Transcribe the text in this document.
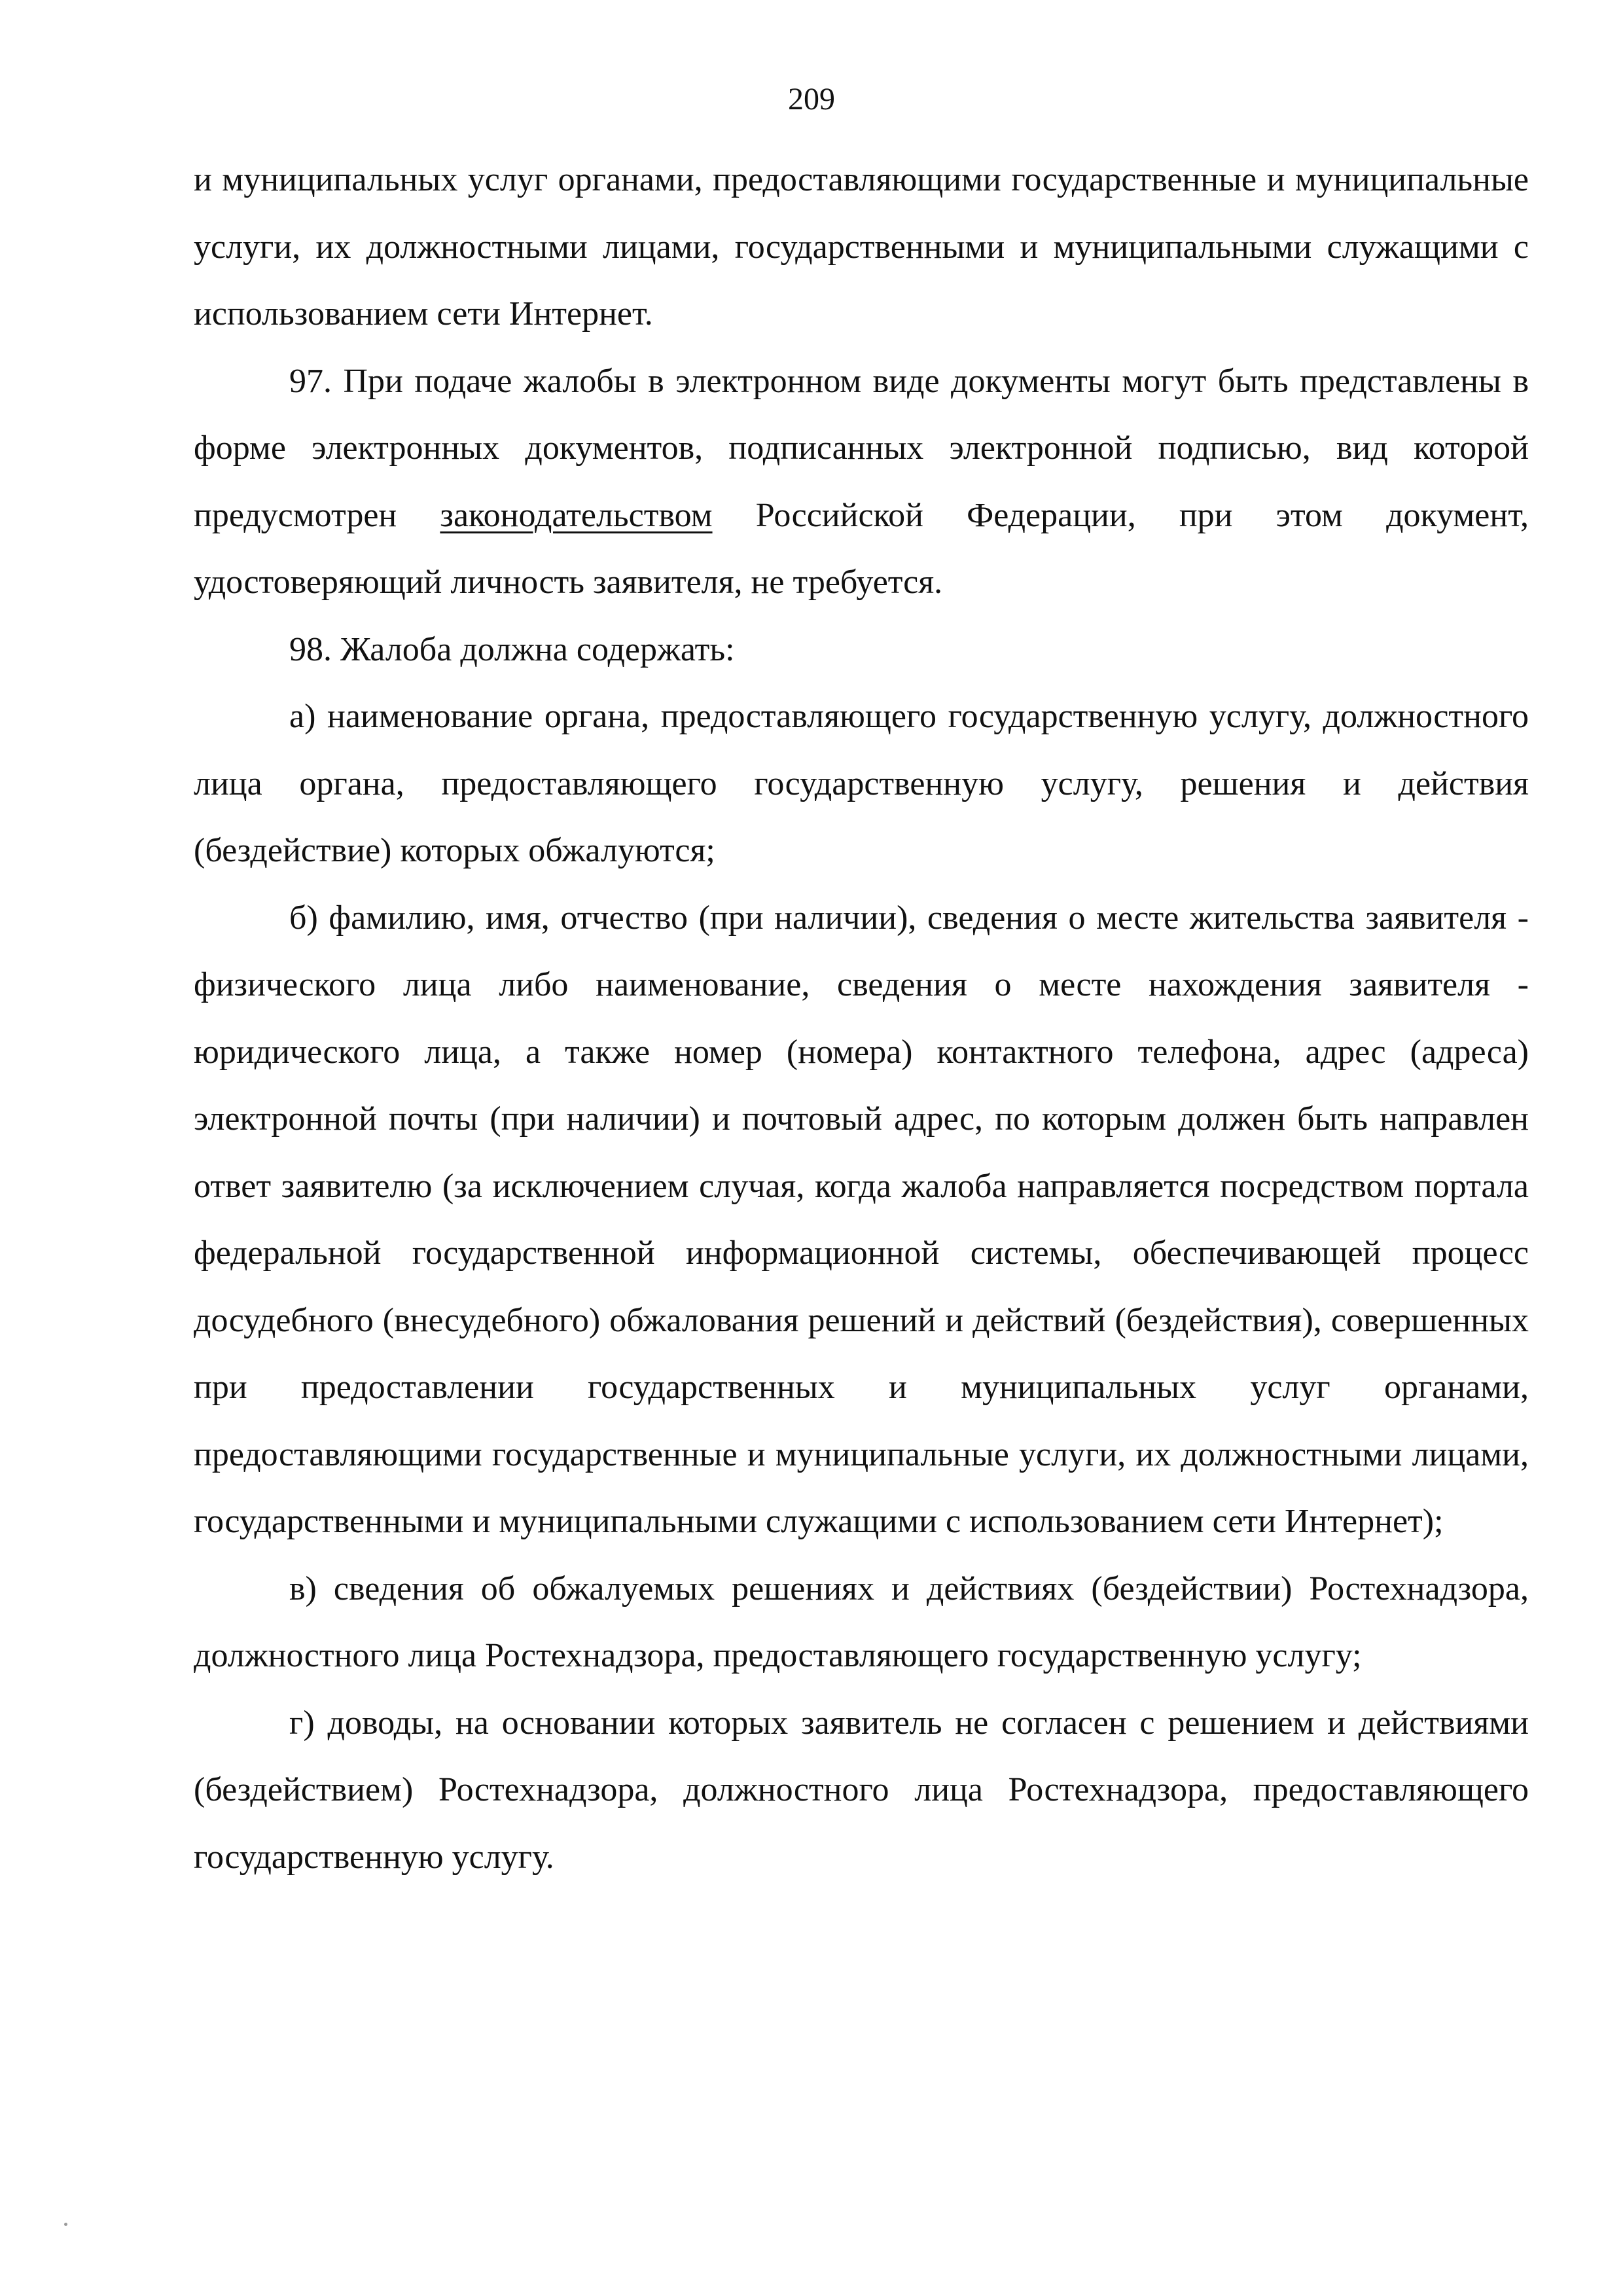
209

и муниципальных услуг органами, предоставляющими государственные и муниципальные услуги, их должностными лицами, государственными и муниципальными служащими с использованием сети Интернет.

97. При подаче жалобы в электронном виде документы могут быть представлены в форме электронных документов, подписанных электронной подписью, вид которой предусмотрен законодательством Российской Федерации, при этом документ, удостоверяющий личность заявителя, не требуется.

98. Жалоба должна содержать:

а) наименование органа, предоставляющего государственную услугу, должностного лица органа, предоставляющего государственную услугу, решения и действия (бездействие) которых обжалуются;

б) фамилию, имя, отчество (при наличии), сведения о месте жительства заявителя - физического лица либо наименование, сведения о месте нахождения заявителя - юридического лица, а также номер (номера) контактного телефона, адрес (адреса) электронной почты (при наличии) и почтовый адрес, по которым должен быть направлен ответ заявителю (за исключением случая, когда жалоба направляется посредством портала федеральной государственной информационной системы, обеспечивающей процесс досудебного (внесудебного) обжалования решений и действий (бездействия), совершенных при предоставлении государственных и муниципальных услуг органами, предоставляющими государственные и муниципальные услуги, их должностными лицами, государственными и муниципальными служащими с использованием сети Интернет);

в) сведения об обжалуемых решениях и действиях (бездействии) Ростехнадзора, должностного лица Ростехнадзора, предоставляющего государственную услугу;

г) доводы, на основании которых заявитель не согласен с решением и действиями (бездействием) Ростехнадзора, должностного лица Ростехнадзора, предоставляющего государственную услугу.
